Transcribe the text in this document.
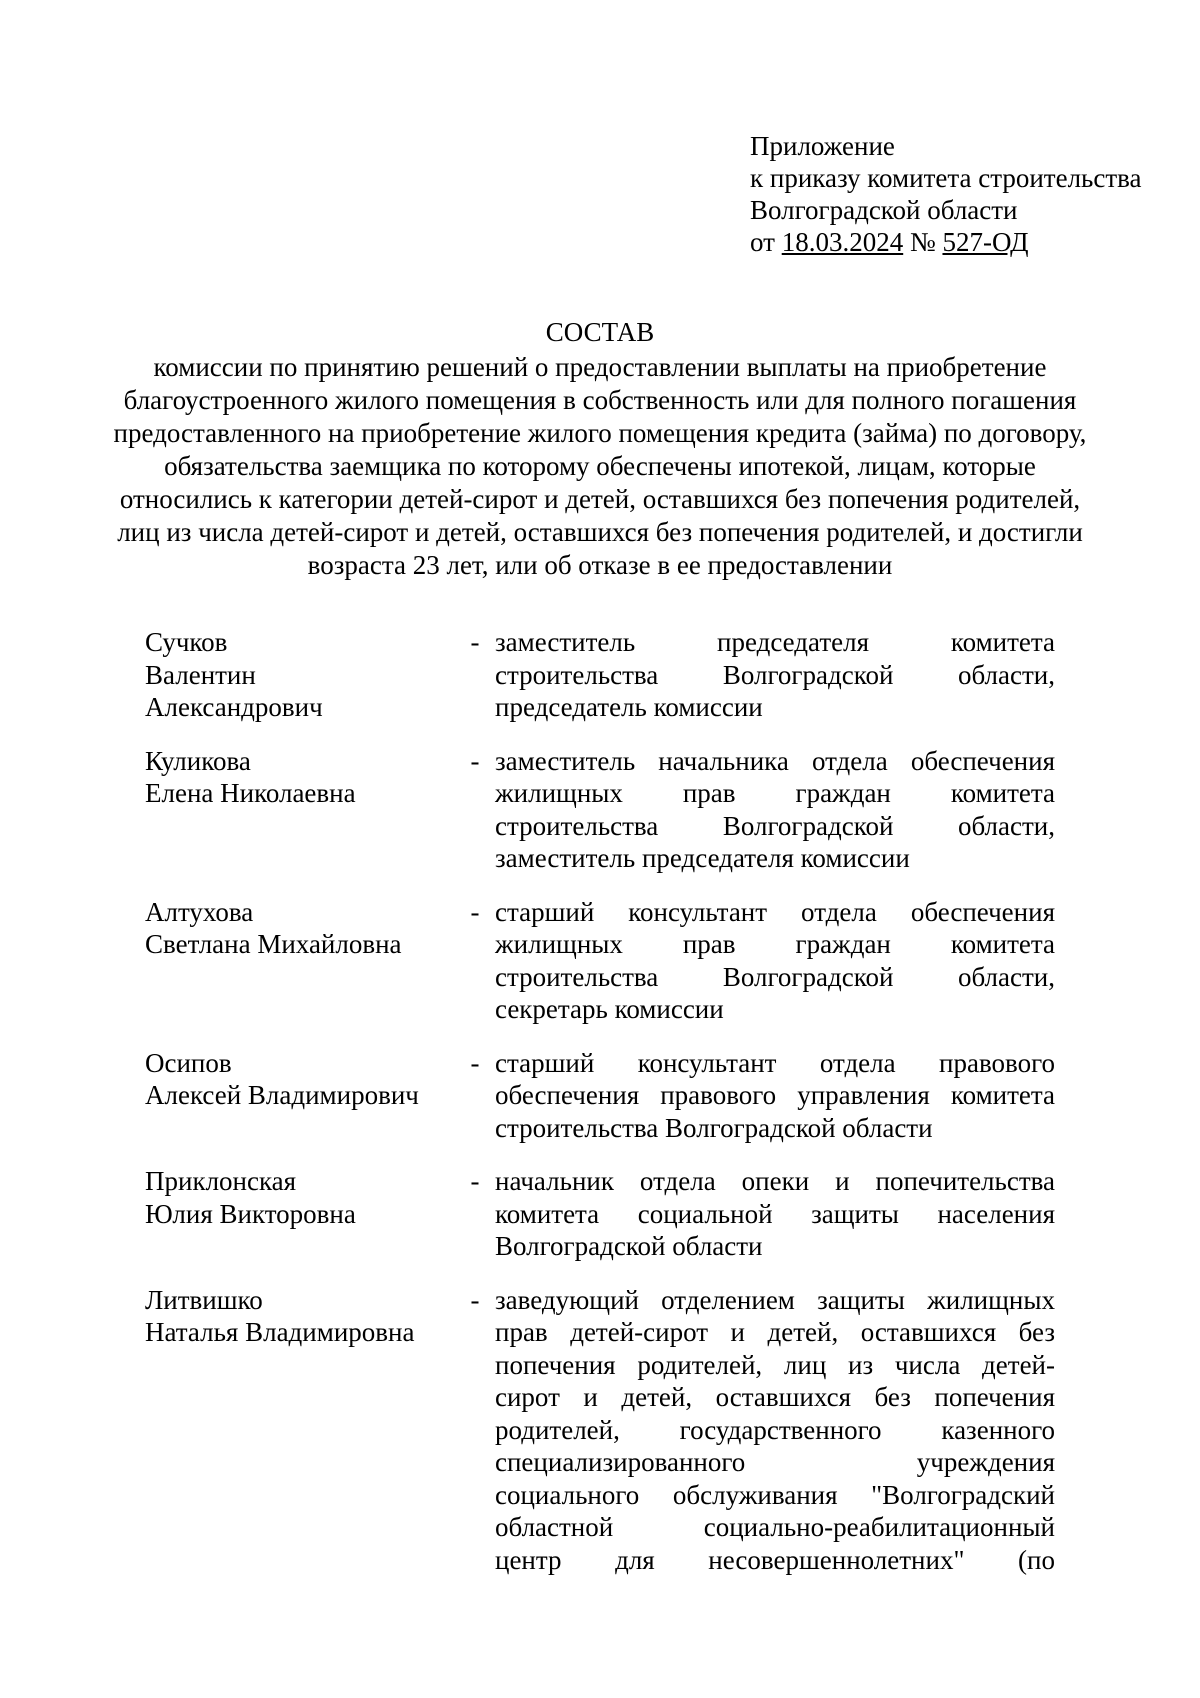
Приложение
к приказу комитета строительства
Волгоградской области
от 18.03.2024 № 527-ОД
СОСТАВ
комиссии по принятию решений о предоставлении выплаты на приобретение
благоустроенного жилого помещения в собственность или для полного погашения
предоставленного на приобретение жилого помещения кредита (займа) по договору,
обязательства заемщика по которому обеспечены ипотекой, лицам, которые
относились к категории детей-сирот и детей, оставшихся без попечения родителей,
лиц из числа детей-сирот и детей, оставшихся без попечения родителей, и достигли
возраста 23 лет, или об отказе в ее предоставлении
Сучков
Валентин
Александрович
- заместитель председателя комитета
строительства Волгоградской области,
председатель комиссии
Куликова
Елена Николаевна
- заместитель начальника отдела обеспечения
жилищных прав граждан комитета
строительства Волгоградской области,
заместитель председателя комиссии
Алтухова
Светлана Михайловна
- старший консультант отдела обеспечения
жилищных прав граждан комитета
строительства Волгоградской области,
секретарь комиссии
Осипов
Алексей Владимирович
- старший консультант отдела правового
обеспечения правового управления комитета
строительства Волгоградской области
Приклонская
Юлия Викторовна
- начальник отдела опеки и попечительства
комитета социальной защиты населения
Волгоградской области
Литвишко
Наталья Владимировна
- заведующий отделением защиты жилищных
прав детей-сирот и детей, оставшихся без
попечения родителей, лиц из числа детей-
сирот и детей, оставшихся без попечения
родителей, государственного казенного
специализированного учреждения
социального обслуживания "Волгоградский
областной социально-реабилитационный
центр для несовершеннолетних" (по
